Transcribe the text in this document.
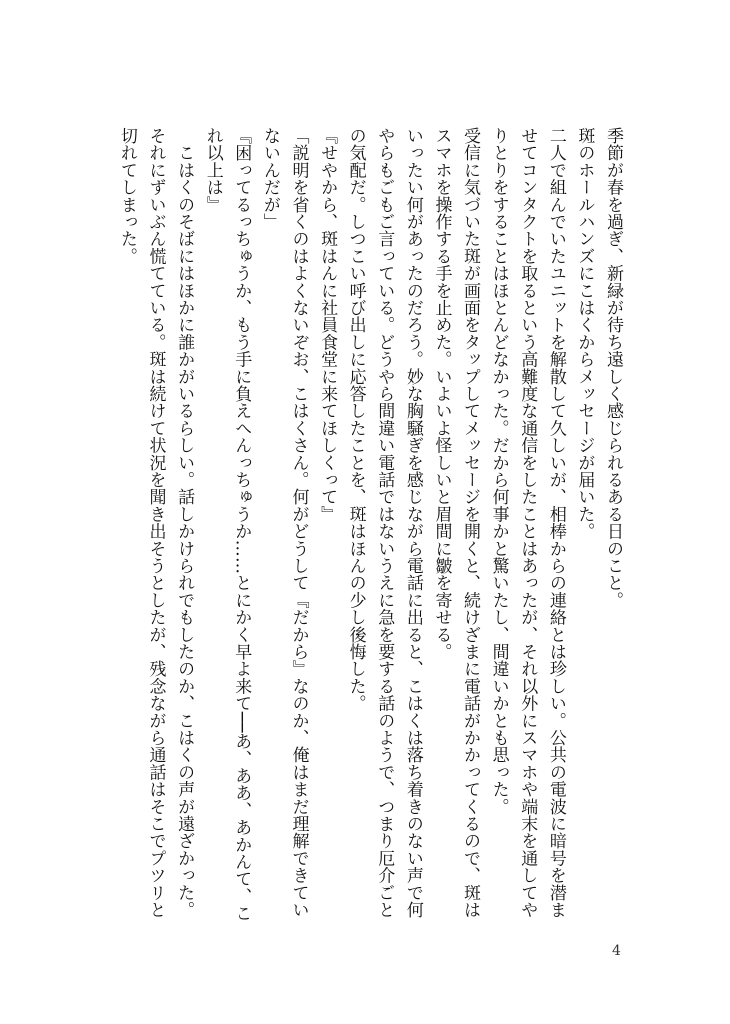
季節が春を過ぎ、新緑が待ち遠しく感じられるある日のこと。

斑のホールハンズにこはくからメッセージが届いた。

二人で組んでいたユニットを解散して久しいが、相棒からの連絡とは珍しい。公共の電波に暗号を潜ませてコンタクトを取るという高難度な通信をしたことはあったが、それ以外にスマホや端末を通してやりとりをすることはほとんどなかった。だから何事かと驚いたし、間違いかとも思った。

受信に気づいた斑が画面をタップしてメッセージを開くと、続けざまに電話がかかってくるので、斑はスマホを操作する手を止めた。いよいよ怪しいと眉間に皺を寄せる。

いったい何があったのだろう。妙な胸騒ぎを感じながら電話に出ると、こはくは落ち着きのない声で何やらもごもご言っている。どうやら間違い電話ではないうえに急を要する話のようで、つまり厄介ごとの気配だ。しつこい呼び出しに応答したことを、斑はほんの少し後悔した。

『せやから、斑はんに社員食堂に来てほしくって』

「説明を省くのはよくないぞお、こはくさん。何がどうして『だから』なのか、俺はまだ理解できていないんだが」

『困ってるっちゅうか、もう手に負えへんっちゅうか……とにかく早よ来て──あ、ああ、あかんて、これ以上は』

　こはくのそばにはほかに誰かがいるらしい。話しかけられでもしたのか、こはくの声が遠ざかった。それにずいぶん慌てている。斑は続けて状況を聞き出そうとしたが、残念ながら通話はそこでプツリと切れてしまった。

4
